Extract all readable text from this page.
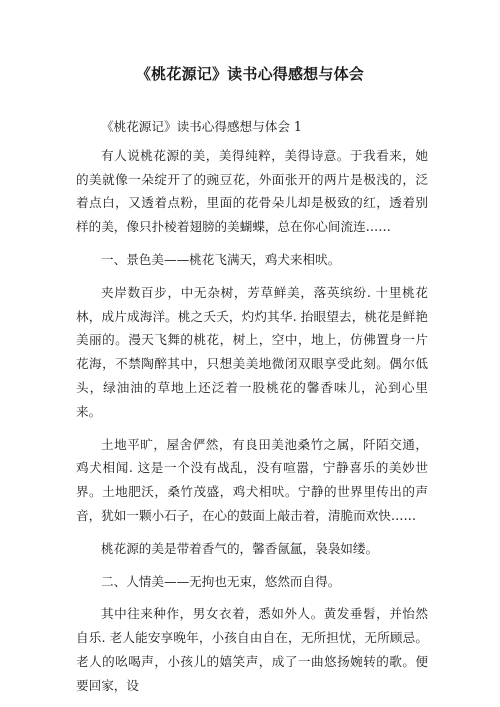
《桃花源记》读书心得感想与体会

《桃花源记》读书心得感想与体会 1

有人说桃花源的美，美得纯粹，美得诗意。于我看来，她的美就像一朵绽开了的豌豆花，外面张开的两片是极浅的，泛着点白，又透着点粉，里面的花骨朵儿却是极致的红，透着别样的美，像只扑棱着翅膀的美蝴蝶，总在你心间流连……

一、景色美——桃花飞满天，鸡犬来相吠。

夹岸数百步，中无杂树，芳草鲜美，落英缤纷. 十里桃花林，成片成海洋。桃之夭夭，灼灼其华. 抬眼望去，桃花是鲜艳美丽的。漫天飞舞的桃花，树上，空中，地上，仿佛置身一片花海，不禁陶醉其中，只想美美地微闭双眼享受此刻。偶尔低头，绿油油的草地上还泛着一股桃花的馨香味儿，沁到心里来。

土地平旷，屋舍俨然，有良田美池桑竹之属，阡陌交通，鸡犬相闻. 这是一个没有战乱，没有喧嚣，宁静喜乐的美妙世界。土地肥沃，桑竹茂盛，鸡犬相吠。宁静的世界里传出的声音，犹如一颗小石子，在心的鼓面上敲击着，清脆而欢快……

桃花源的美是带着香气的，馨香氤氲，袅袅如缕。

二、人情美——无拘也无束，悠然而自得。

其中往来种作，男女衣着，悉如外人。黄发垂髫，并怡然自乐. 老人能安享晚年，小孩自由自在，无所担忧，无所顾忌。老人的吆喝声，小孩儿的嬉笑声，成了一曲悠扬婉转的歌。便要回家，设
